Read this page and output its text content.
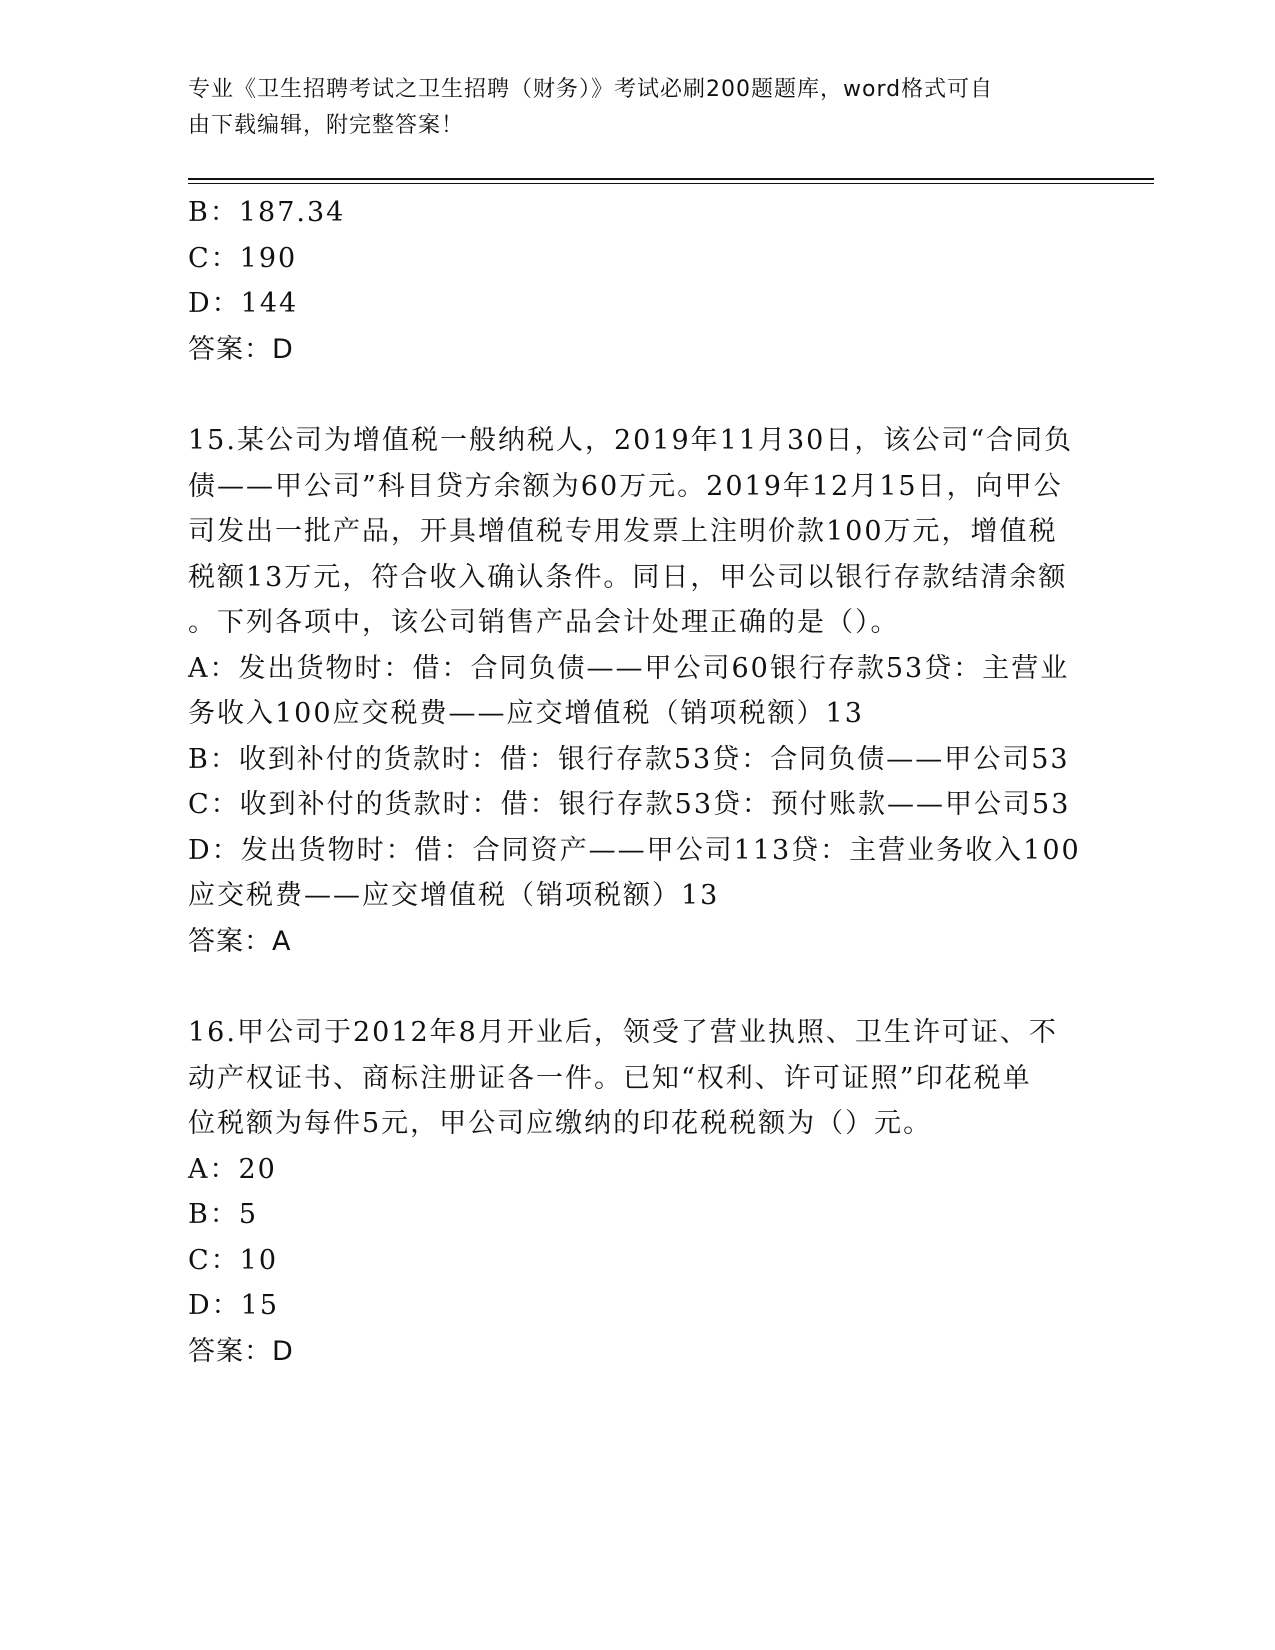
专业《卫生招聘考试之卫生招聘（财务）》考试必刷200题题库，word格式可自
由下载编辑，附完整答案！
B：187.34
C：190
D：144
答案：D
15.某公司为增值税一般纳税人，2019年11月30日，该公司“合同负
债——甲公司”科目贷方余额为60万元。2019年12月15日，向甲公
司发出一批产品，开具增值税专用发票上注明价款100万元，增值税
税额13万元，符合收入确认条件。同日，甲公司以银行存款结清余额
。下列各项中，该公司销售产品会计处理正确的是（）。
A：发出货物时：借：合同负债——甲公司60银行存款53贷：主营业
务收入100应交税费——应交增值税（销项税额）13
B：收到补付的货款时：借：银行存款53贷：合同负债——甲公司53
C：收到补付的货款时：借：银行存款53贷：预付账款——甲公司53
D：发出货物时：借：合同资产——甲公司113贷：主营业务收入100
应交税费——应交增值税（销项税额）13
答案：A
16.甲公司于2012年8月开业后，领受了营业执照、卫生许可证、不
动产权证书、商标注册证各一件。已知“权利、许可证照”印花税单
位税额为每件5元，甲公司应缴纳的印花税税额为（）元。
A：20
B：5
C：10
D：15
答案：D
